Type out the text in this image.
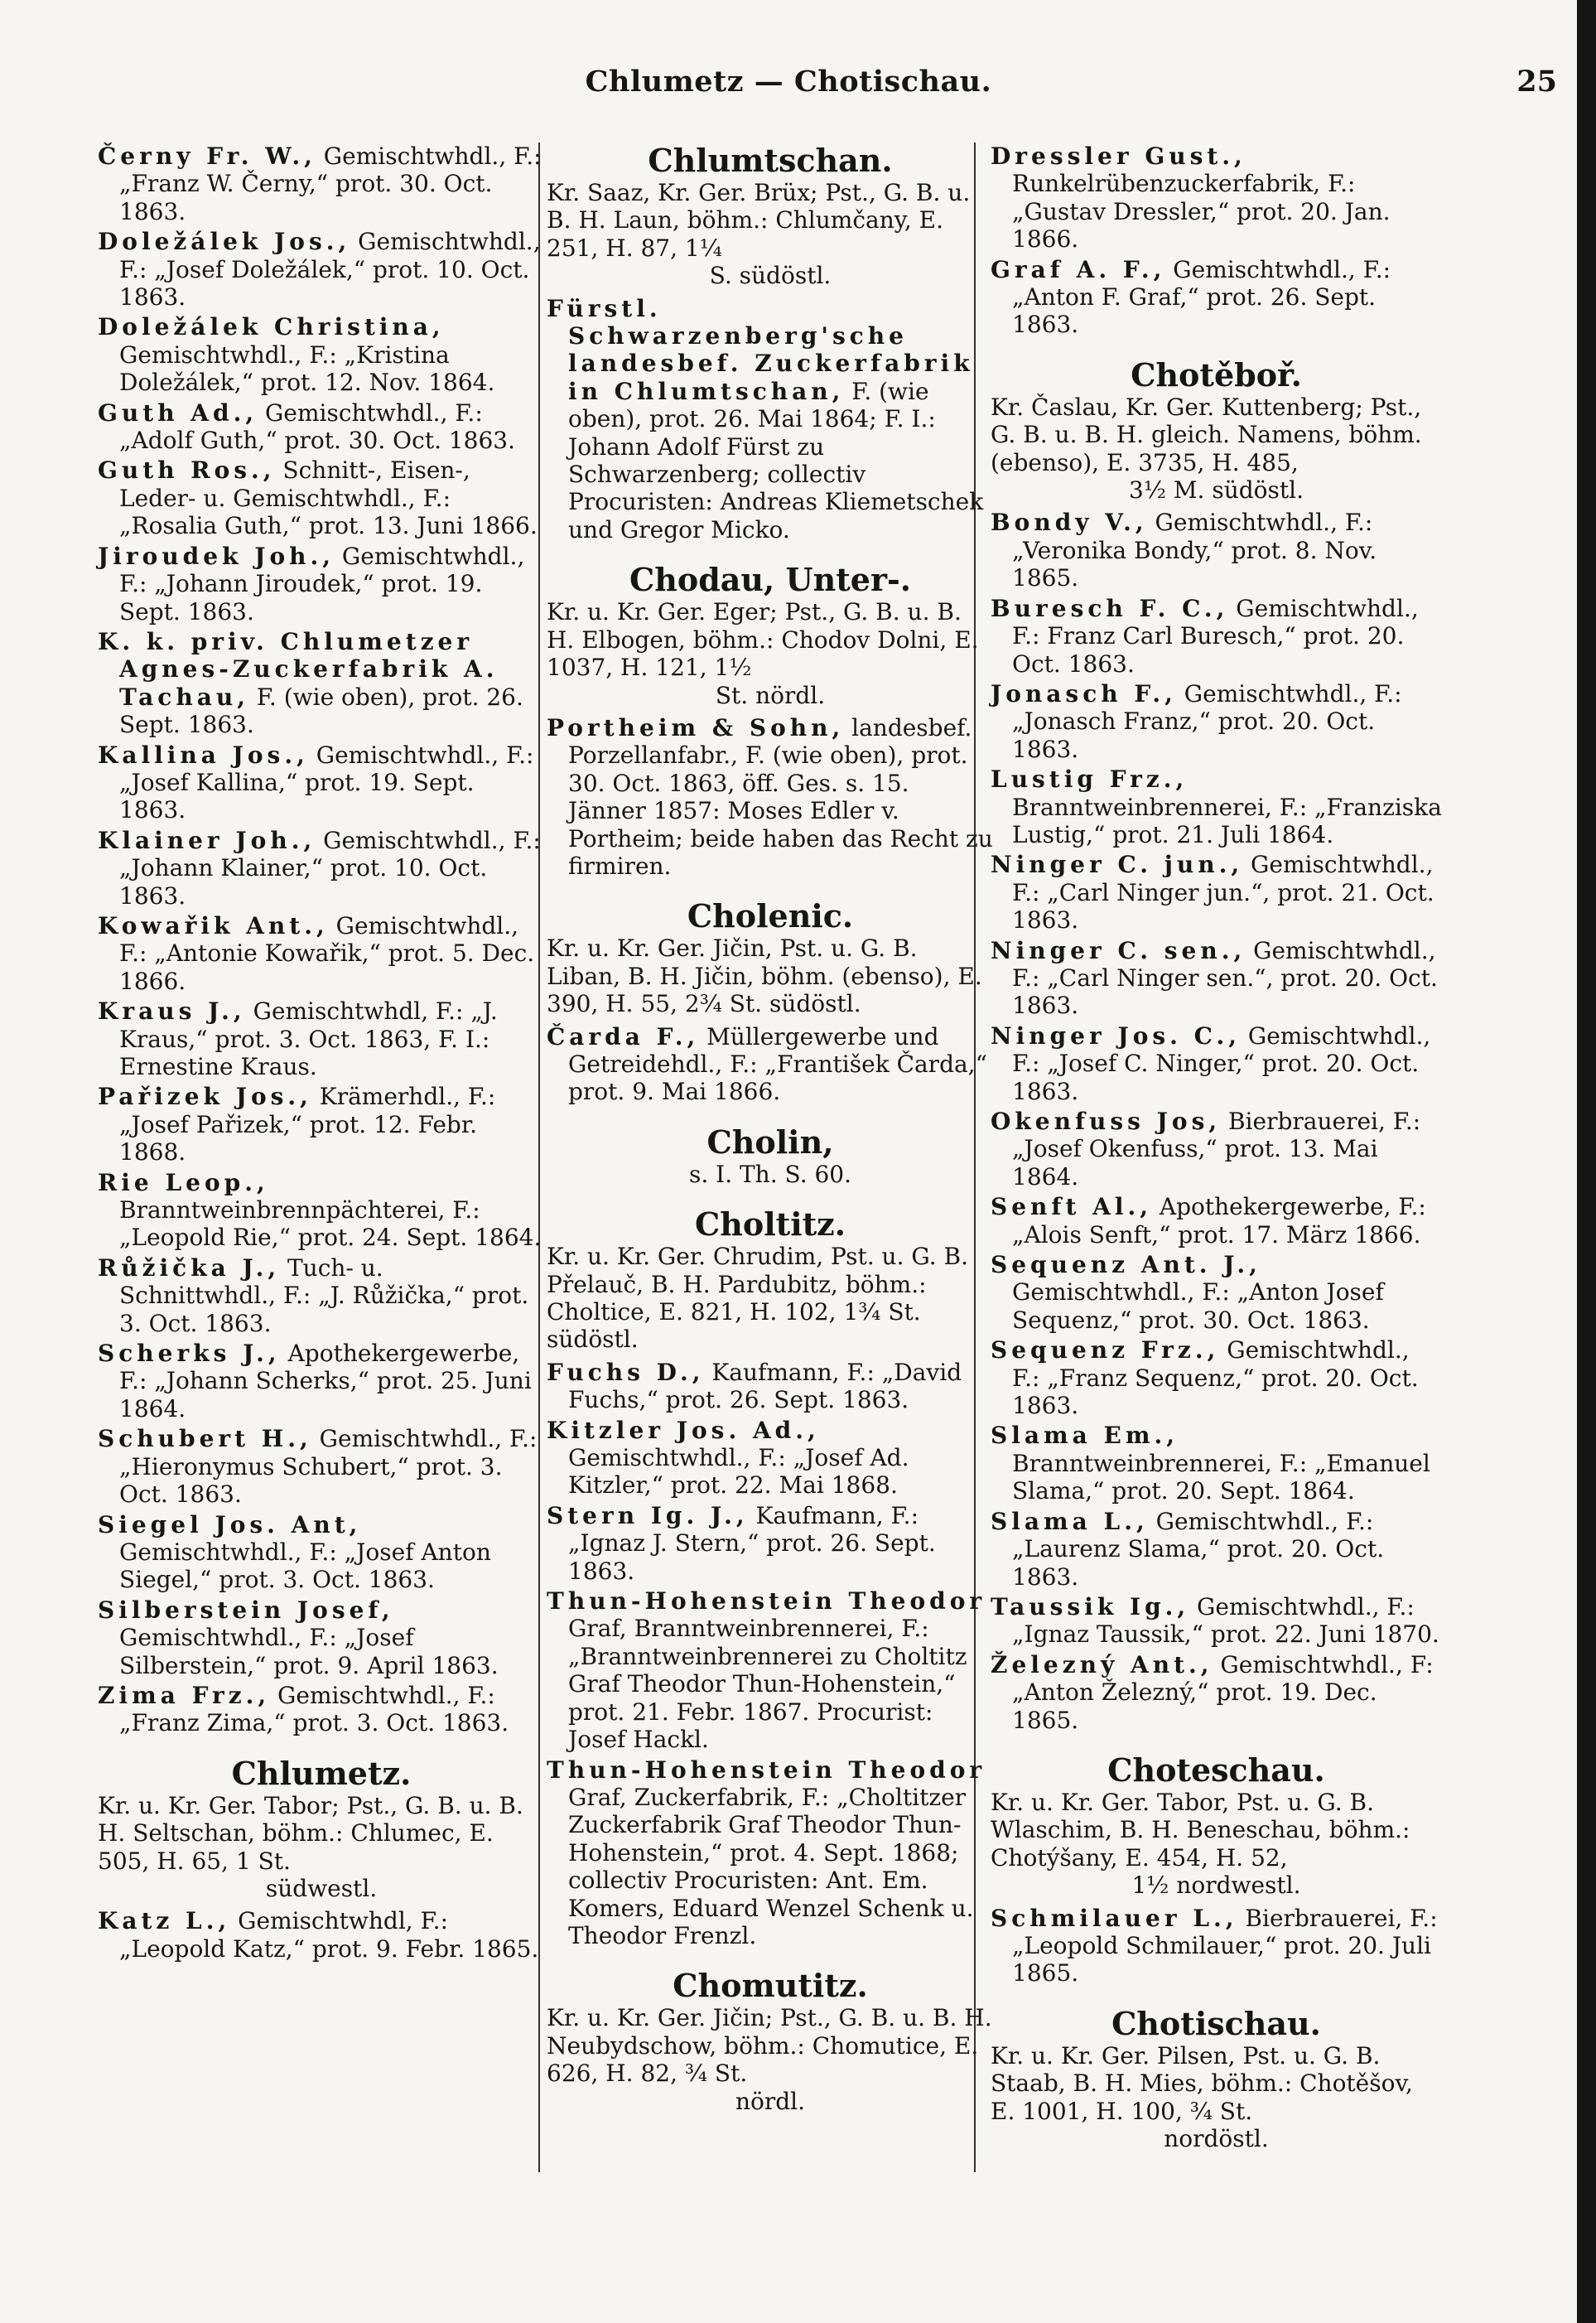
Chlumetz — Chotischau.	25

Černy Fr. W., Gemischtwhdl., F.: „Franz W. Černy,“ prot. 30. Oct. 1863.

Doležálek Jos., Gemischtwhdl., F.: „Josef Doležálek,“ prot. 10. Oct. 1863.

Doležálek Christina, Gemischtwhdl., F.: „Kristina Doležálek,“ prot. 12. Nov. 1864.

Guth Ad., Gemischtwhdl., F.: „Adolf Guth,“ prot. 30. Oct. 1863.

Guth Ros., Schnitt-, Eisen-, Leder- u. Gemischtwhdl., F.: „Rosalia Guth,“ prot. 13. Juni 1866.

Jiroudek Joh., Gemischtwhdl., F.: „Johann Jiroudek,“ prot. 19. Sept. 1863.

K. k. priv. Chlumetzer Agnes-Zuckerfabrik A. Tachau, F. (wie oben), prot. 26. Sept. 1863.

Kallina Jos., Gemischtwhdl., F.: „Josef Kallina,“ prot. 19. Sept. 1863.

Klainer Joh., Gemischtwhdl., F.: „Johann Klainer,“ prot. 10. Oct. 1863.

Kowařik Ant., Gemischtwhdl., F.: „Antonie Kowařik,“ prot. 5. Dec. 1866.

Kraus J., Gemischtwhdl, F.: „J. Kraus,“ prot. 3. Oct. 1863, F. I.: Ernestine Kraus.

Pařizek Jos., Krämerhdl., F.: „Josef Pařizek,“ prot. 12. Febr. 1868.

Rie Leop., Branntweinbrennpächterei, F.: „Leopold Rie,“ prot. 24. Sept. 1864.

Růžička J., Tuch- u. Schnittwhdl., F.: „J. Růžička,“ prot. 3. Oct. 1863.

Scherks J., Apothekergewerbe, F.: „Johann Scherks,“ prot. 25. Juni 1864.

Schubert H., Gemischtwhdl., F.: „Hieronymus Schubert,“ prot. 3. Oct. 1863.

Siegel Jos. Ant, Gemischtwhdl., F.: „Josef Anton Siegel,“ prot. 3. Oct. 1863.

Silberstein Josef, Gemischtwhdl., F.: „Josef Silberstein,“ prot. 9. April 1863.

Zima Frz., Gemischtwhdl., F.: „Franz Zima,“ prot. 3. Oct. 1863.

Chlumetz.
Kr. u. Kr. Ger. Tabor; Pst., G. B. u. B. H. Seltschan, böhm.: Chlumec, E. 505, H. 65, 1 St.
südwestl.

Katz L., Gemischtwhdl, F.: „Leopold Katz,“ prot. 9. Febr. 1865.

Chlumtschan.
Kr. Saaz, Kr. Ger. Brüx; Pst., G. B. u. B. H. Laun, böhm.: Chlumčany, E. 251, H. 87, 1¼
S. südöstl.

Fürstl. Schwarzenberg'sche landesbef. Zuckerfabrik in Chlumtschan, F. (wie oben), prot. 26. Mai 1864; F. I.: Johann Adolf Fürst zu Schwarzenberg; collectiv Procuristen: Andreas Kliemetschek und Gregor Micko.

Chodau, Unter-.
Kr. u. Kr. Ger. Eger; Pst., G. B. u. B. H. Elbogen, böhm.: Chodov Dolni, E. 1037, H. 121, 1½
St. nördl.

Portheim & Sohn, landesbef. Porzellanfabr., F. (wie oben), prot. 30. Oct. 1863, öff. Ges. s. 15. Jänner 1857: Moses Edler v. Portheim; beide haben das Recht zu firmiren.

Cholenic.
Kr. u. Kr. Ger. Jičin, Pst. u. G. B. Liban, B. H. Jičin, böhm. (ebenso), E. 390, H. 55, 2¾ St. südöstl.

Čarda F., Müllergewerbe und Getreidehdl., F.: „František Čarda,“ prot. 9. Mai 1866.

Cholin,
s. I. Th. S. 60.
Choltitz.
Kr. u. Kr. Ger. Chrudim, Pst. u. G. B. Přelauč, B. H. Pardubitz, böhm.: Choltice, E. 821, H. 102, 1¾ St. südöstl.

Fuchs D., Kaufmann, F.: „David Fuchs,“ prot. 26. Sept. 1863.

Kitzler Jos. Ad., Gemischtwhdl., F.: „Josef Ad. Kitzler,“ prot. 22. Mai 1868.

Stern Ig. J., Kaufmann, F.: „Ignaz J. Stern,“ prot. 26. Sept. 1863.

Thun-Hohenstein Theodor Graf, Branntweinbrennerei, F.: „Branntweinbrennerei zu Choltitz Graf Theodor Thun-Hohenstein,“ prot. 21. Febr. 1867. Procurist: Josef Hackl.

Thun-Hohenstein Theodor Graf, Zuckerfabrik, F.: „Choltitzer Zuckerfabrik Graf Theodor Thun-Hohenstein,“ prot. 4. Sept. 1868; collectiv Procuristen: Ant. Em. Komers, Eduard Wenzel Schenk u. Theodor Frenzl.

Chomutitz.
Kr. u. Kr. Ger. Jičin; Pst., G. B. u. B. H. Neubydschow, böhm.: Chomutice, E. 626, H. 82, ¾ St.
nördl.

Dressler Gust., Runkelrübenzuckerfabrik, F.: „Gustav Dressler,“ prot. 20. Jan. 1866.

Graf A. F., Gemischtwhdl., F.: „Anton F. Graf,“ prot. 26. Sept. 1863.

Chotěboř.
Kr. Časlau, Kr. Ger. Kuttenberg; Pst., G. B. u. B. H. gleich. Namens, böhm. (ebenso), E. 3735, H. 485,
3½ M. südöstl.

Bondy V., Gemischtwhdl., F.: „Veronika Bondy,“ prot. 8. Nov. 1865.

Buresch F. C., Gemischtwhdl., F.: Franz Carl Buresch,“ prot. 20. Oct. 1863.

Jonasch F., Gemischtwhdl., F.: „Jonasch Franz,“ prot. 20. Oct. 1863.

Lustig Frz., Branntweinbrennerei, F.: „Franziska Lustig,“ prot. 21. Juli 1864.

Ninger C. jun., Gemischtwhdl., F.: „Carl Ninger jun.“, prot. 21. Oct. 1863.

Ninger C. sen., Gemischtwhdl., F.: „Carl Ninger sen.“, prot. 20. Oct. 1863.

Ninger Jos. C., Gemischtwhdl., F.: „Josef C. Ninger,“ prot. 20. Oct. 1863.

Okenfuss Jos, Bierbrauerei, F.: „Josef Okenfuss,“ prot. 13. Mai 1864.

Senft Al., Apothekergewerbe, F.: „Alois Senft,“ prot. 17. März 1866.

Sequenz Ant. J., Gemischtwhdl., F.: „Anton Josef Sequenz,“ prot. 30. Oct. 1863.

Sequenz Frz., Gemischtwhdl., F.: „Franz Sequenz,“ prot. 20. Oct. 1863.

Slama Em., Branntweinbrennerei, F.: „Emanuel Slama,“ prot. 20. Sept. 1864.

Slama L., Gemischtwhdl., F.: „Laurenz Slama,“ prot. 20. Oct. 1863.

Taussik Ig., Gemischtwhdl., F.: „Ignaz Taussik,“ prot. 22. Juni 1870.

Železný Ant., Gemischtwhdl., F: „Anton Železný,“ prot. 19. Dec. 1865.

Choteschau.
Kr. u. Kr. Ger. Tabor, Pst. u. G. B. Wlaschim, B. H. Beneschau, böhm.: Chotýšany, E. 454, H. 52,
1½ nordwestl.

Schmilauer L., Bierbrauerei, F.: „Leopold Schmilauer,“ prot. 20. Juli 1865.

Chotischau.
Kr. u. Kr. Ger. Pilsen, Pst. u. G. B. Staab, B. H. Mies, böhm.: Chotěšov, E. 1001, H. 100, ¾ St.
nordöstl.
